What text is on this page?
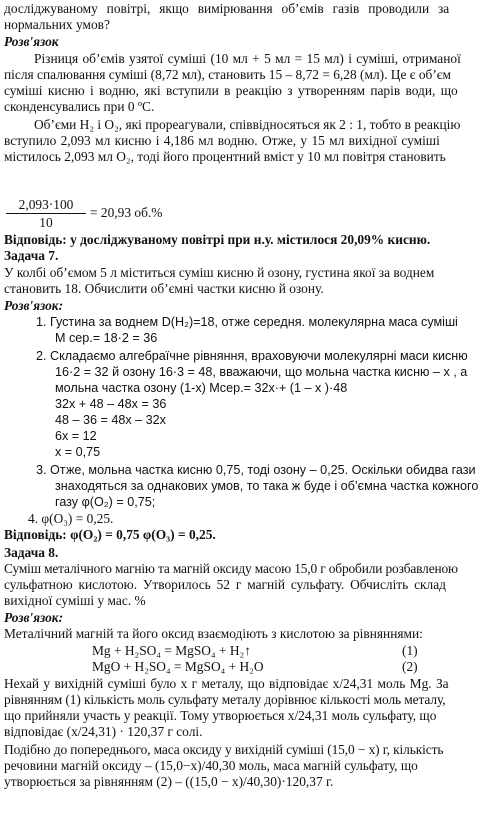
досліджуваному повітрі, якщо вимірювання об’ємів газів проводили за
нормальних умов?
Розв'язок
Різниця об’ємів узятої суміші (10 мл + 5 мл = 15 мл) і суміші, отриманої
після спалювання суміші (8,72 мл), становить 15 – 8,72 = 6,28 (мл). Це є об’єм
суміші кисню і водню, які вступили в реакцію з утворенням парів води, що
сконденсувались при 0 ºС.
Об’єми H₂ і O₂, які прореагували, співвідносяться як 2 : 1, тобто в реакцію
вступило 2,093 мл кисню і 4,186 мл водню. Отже, у 15 мл вихідної суміші
містилось 2,093 мл O₂, тоді його процентний вміст у 10 мл повітря становить
$\frac{2,093\cdot 100}{10} = 20,93$ об.%
Відповідь: у досліджуваному повітрі при н.у. містилося 20,09% кисню.
Задача 7.
У колбі об’ємом 5 л міститься суміш кисню й озону, густина якої за воднем
становить 18. Обчислити об’ємні частки кисню й озону.
Розв'язок:
1. Густина за воднем D(H₂)=18, отже середня. молекулярна маса суміші
M сер.= 18·2 = 36
2. Складаємо алгебраїчне рівняння, враховуючи молекулярні маси кисню
16·2 = 32 й озону 16·3 = 48, вважаючи, що мольна частка кисню – х , а
мольна частка озону (1-х) Mсер.= 32х·+ (1 – х )·48
32х + 48 – 48х = 36
48 – 36 = 48х – 32х
6х = 12
х = 0,75
3. Отже, мольна частка кисню 0,75, тоді озону – 0,25. Оскільки обидва гази
знаходяться за однакових умов, то така ж буде і об’ємна частка кожного
газу φ(O₂) = 0,75;
4. φ(O₃) = 0,25.
Відповідь: φ(O₂) = 0,75 φ(O₃) = 0,25.
Задача 8.
Суміш металічного магнію та магній оксиду масою 15,0 г обробили розбавленою
сульфатною кислотою. Утворилось 52 г магній сульфату. Обчисліть склад
вихідної суміші у мас. %
Розв'язок:
Металічний магній та його оксид взаємодіють з кислотою за рівняннями:
Mg + H₂SO₄ = MgSO₄ + H₂↑	(1)
MgO + H₂SO₄ = MgSO₄ + H₂O	(2)
Нехай у вихідній суміші було х г металу, що відповідає х/24,31 моль Mg. За
рівнянням (1) кількість моль сульфату металу дорівнює кількості моль металу,
що прийняли участь у реакції. Тому утворюється х/24,31 моль сульфату, що
відповідає (х/24,31) · 120,37 г солі.
Подібно до попереднього, маса оксиду у вихідній суміші (15,0 − х) г, кількість
речовини магній оксиду – (15,0−х)/40,30 моль, маса магній сульфату, що
утворюється за рівнянням (2) – ((15,0 − х)/40,30)·120,37 г.
